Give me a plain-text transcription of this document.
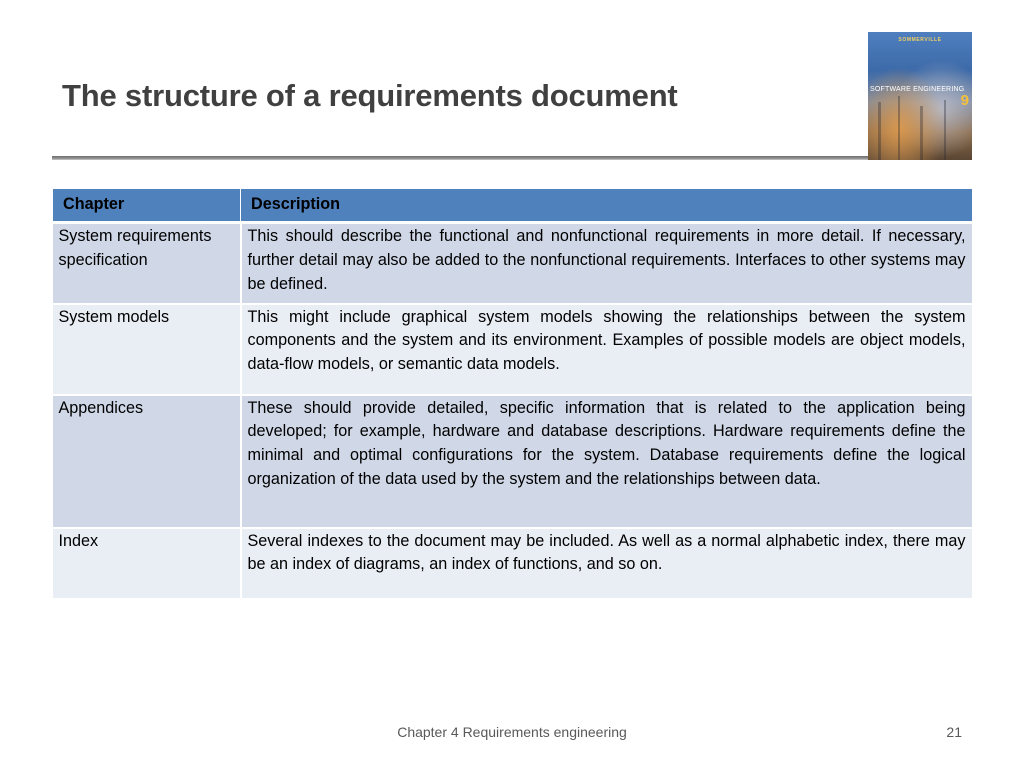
The structure of a requirements document
SOMMERVILLE
SOFTWARE ENGINEERING
9
Chapter	Description
System requirements specification	This should describe the functional and nonfunctional requirements in more detail. If necessary, further detail may also be added to the nonfunctional requirements. Interfaces to other systems may be defined.
System models	This might include graphical system models showing the relationships between the system components and the system and its environment. Examples of possible models are object models, data-flow models, or semantic data models.
Appendices	These should provide detailed, specific information that is related to the application being developed; for example, hardware and database descriptions. Hardware requirements define the minimal and optimal configurations for the system. Database requirements define the logical organization of the data used by the system and the relationships between data.
Index	Several indexes to the document may be included. As well as a normal alphabetic index, there may be an index of diagrams, an index of functions, and so on.
Chapter 4 Requirements engineering	21
